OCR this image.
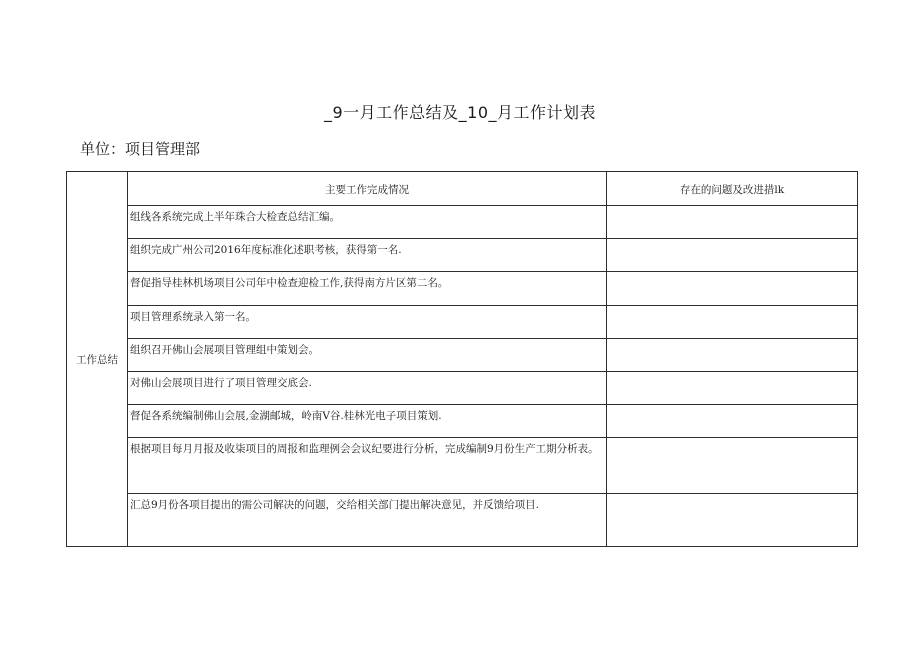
_9一月工作总结及_10_月工作计划表
单位：项目管理部
工作总结	主要工作完成情况	存在的问题及改进措lk
	组线各系统完成上半年珠合大检查总结汇编。	
	组织完成广州公司2016年度标准化述职考核，获得第一名.	
	督促指导桂林机场项目公司年中检查迎检工作,获得南方片区第二名。	
	项目管理系统录入第一名。	
	组织召开佛山会展项目管理组中策划会。	
	对佛山会展项目进行了项目管理交底会.	
	督促各系统编制佛山会展,金湖邮城，岭南V谷.桂林光电子项目策划.	
	根据项目每月月报及收柒项目的周报和监理例会会议纪要进行分析，完成编制9月份生产工期分析表。	
	汇总9月份各项目提出的需公司解决的问题，交给相关部门提出解决意见，并反馈给项目.	
